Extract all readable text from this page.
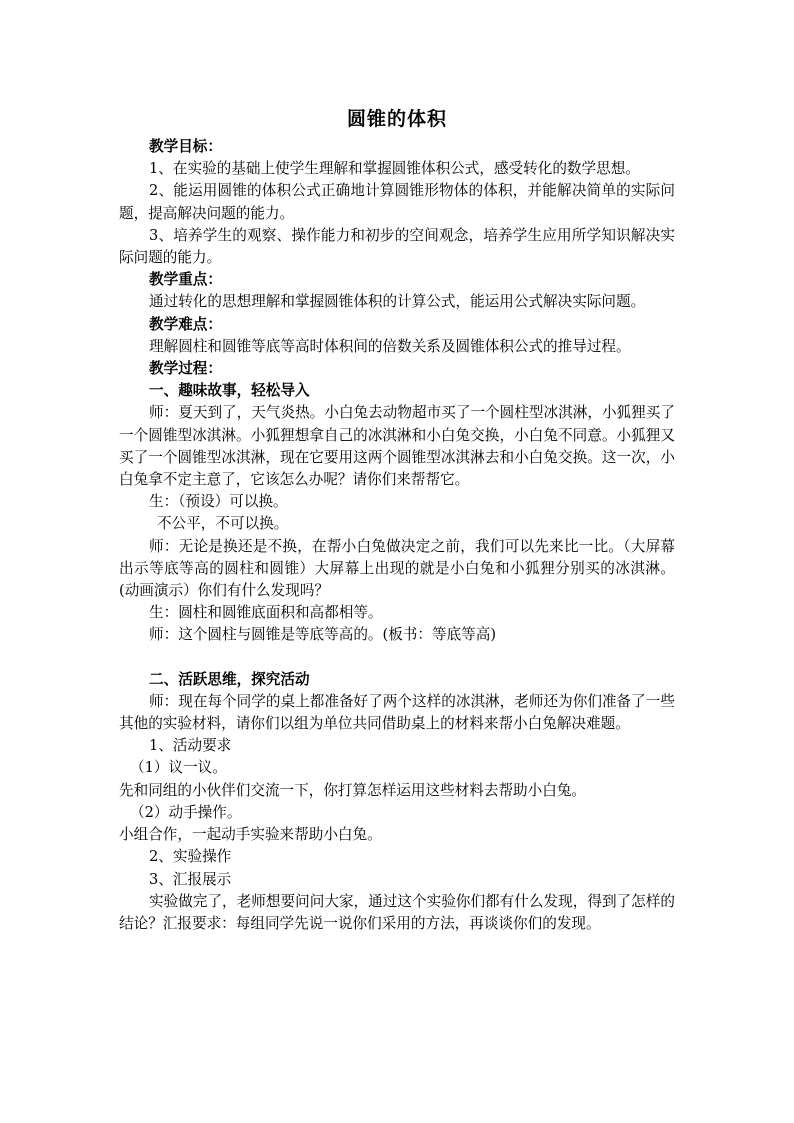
圆锥的体积

教学目标：

1、在实验的基础上使学生理解和掌握圆锥体积公式，感受转化的数学思想。

2、能运用圆锥的体积公式正确地计算圆锥形物体的体积，并能解决简单的实际问题，提高解决问题的能力。

3、培养学生的观察、操作能力和初步的空间观念，培养学生应用所学知识解决实际问题的能力。

教学重点：

通过转化的思想理解和掌握圆锥体积的计算公式，能运用公式解决实际问题。

教学难点：

理解圆柱和圆锥等底等高时体积间的倍数关系及圆锥体积公式的推导过程。

教学过程：

一、趣味故事，轻松导入

师：夏天到了，天气炎热。小白兔去动物超市买了一个圆柱型冰淇淋，小狐狸买了一个圆锥型冰淇淋。小狐狸想拿自己的冰淇淋和小白兔交换，小白兔不同意。小狐狸又买了一个圆锥型冰淇淋，现在它要用这两个圆锥型冰淇淋去和小白兔交换。这一次，小白兔拿不定主意了，它该怎么办呢？请你们来帮帮它。

生：（预设）可以换。

不公平，不可以换。

师：无论是换还是不换，在帮小白兔做决定之前，我们可以先来比一比。（大屏幕出示等底等高的圆柱和圆锥）大屏幕上出现的就是小白兔和小狐狸分别买的冰淇淋。(动画演示）你们有什么发现吗？

生：圆柱和圆锥底面积和高都相等。

师：这个圆柱与圆锥是等底等高的。(板书：等底等高)

二、活跃思维，探究活动

师：现在每个同学的桌上都准备好了两个这样的冰淇淋，老师还为你们准备了一些其他的实验材料，请你们以组为单位共同借助桌上的材料来帮小白兔解决难题。

1、活动要求

（1）议一议。

先和同组的小伙伴们交流一下，你打算怎样运用这些材料去帮助小白兔。

（2）动手操作。

小组合作，一起动手实验来帮助小白兔。

2、实验操作

3、汇报展示

实验做完了，老师想要问问大家，通过这个实验你们都有什么发现，得到了怎样的结论？汇报要求：每组同学先说一说你们采用的方法，再谈谈你们的发现。
